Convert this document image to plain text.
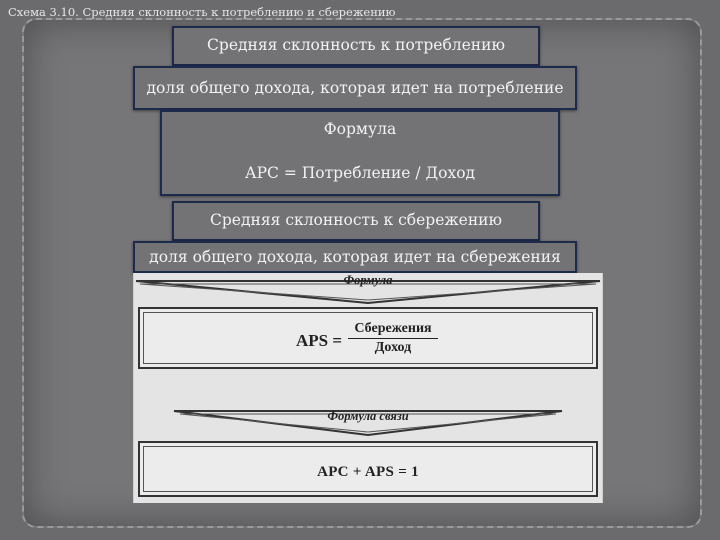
Схема 3.10. Средняя склонность к потреблению и сбережению
Средняя склонность к потреблению
доля общего дохода, которая идет на потребление
Формула
АРС = Потребление / Доход
Средняя склонность к сбережению
доля общего дохода, которая идет на сбережения
Формула
APS =
Сбережения
Доход
Формула связи
APC + APS = 1
